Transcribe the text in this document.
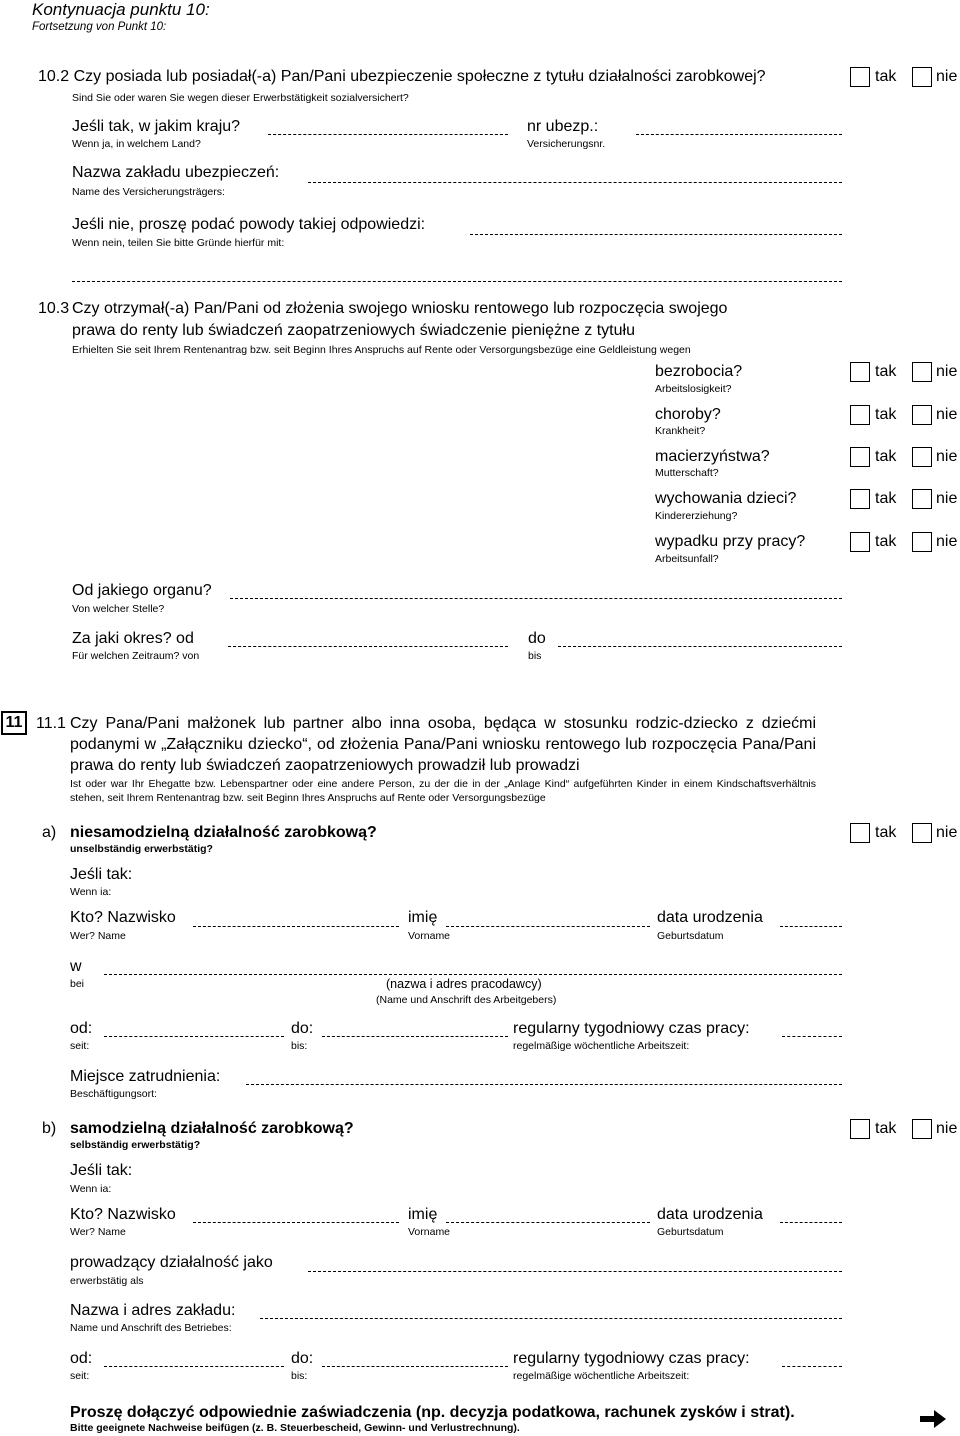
Kontynuacja punktu 10:
Fortsetzung von Punkt 10:
10.2 Czy posiada lub posiadał(-a) Pan/Pani ubezpieczenie społeczne z tytułu działalności zarobkowej?
Sind Sie oder waren Sie wegen dieser Erwerbstätigkeit sozialversichert?
tak nie
Jeśli tak, w jakim kraju?
Wenn ja, in welchem Land?
nr ubezp.:
Versicherungsnr.
Nazwa zakładu ubezpieczeń:
Name des Versicherungsträgers:
Jeśli nie, proszę podać powody takiej odpowiedzi:
Wenn nein, teilen Sie bitte Gründe hierfür mit:
10.3 Czy otrzymał(-a) Pan/Pani od złożenia swojego wniosku rentowego lub rozpoczęcia swojego
prawa do renty lub świadczeń zaopatrzeniowych świadczenie pieniężne z tytułu
Erhielten Sie seit Ihrem Rentenantrag bzw. seit Beginn Ihres Anspruchs auf Rente oder Versorgungsbezüge eine Geldleistung wegen
bezrobocia?
Arbeitslosigkeit?
tak nie
choroby?
Krankheit?
tak nie
macierzyństwa?
Mutterschaft?
tak nie
wychowania dzieci?
Kindererziehung?
tak nie
wypadku przy pracy?
Arbeitsunfall?
tak nie
Od jakiego organu?
Von welcher Stelle?
Za jaki okres? od
Für welchen Zeitraum? von
do
bis
11 11.1 Czy Pana/Pani małżonek lub partner albo inna osoba, będąca w stosunku rodzic-dziecko z dziećmi podanymi w „Załączniku dziecko“, od złożenia Pana/Pani wniosku rentowego lub rozpoczęcia Pana/Pani prawa do renty lub świadczeń zaopatrzeniowych prowadził lub prowadzi
Ist oder war Ihr Ehegatte bzw. Lebenspartner oder eine andere Person, zu der die in der „Anlage Kind“ aufgeführten Kinder in einem Kindschaftsverhältnis stehen, seit Ihrem Rentenantrag bzw. seit Beginn Ihres Anspruchs auf Rente oder Versorgungsbezüge
a) niesamodzielną działalność zarobkową?
unselbständig erwerbstätig?
tak nie
Jeśli tak:
Wenn ia:
Kto? Nazwisko
Wer? Name
imię
Vorname
data urodzenia
Geburtsdatum
w
bei	(nazwa i adres pracodawcy)
(Name und Anschrift des Arbeitgebers)
od:
seit:
do:
bis:
regularny tygodniowy czas pracy:
regelmäßige wöchentliche Arbeitszeit:
Miejsce zatrudnienia:
Beschäftigungsort:
b) samodzielną działalność zarobkową?
selbständig erwerbstätig?
tak nie
Jeśli tak:
Wenn ia:
Kto? Nazwisko
Wer? Name
imię
Vorname
data urodzenia
Geburtsdatum
prowadzący działalność jako
erwerbstätig als
Nazwa i adres zakładu:
Name und Anschrift des Betriebes:
od:
seit:
do:
bis:
regularny tygodniowy czas pracy:
regelmäßige wöchentliche Arbeitszeit:
Proszę dołączyć odpowiednie zaświadczenia (np. decyzja podatkowa, rachunek zysków i strat).
Bitte geeignete Nachweise beifügen (z. B. Steuerbescheid, Gewinn- und Verlustrechnung).
